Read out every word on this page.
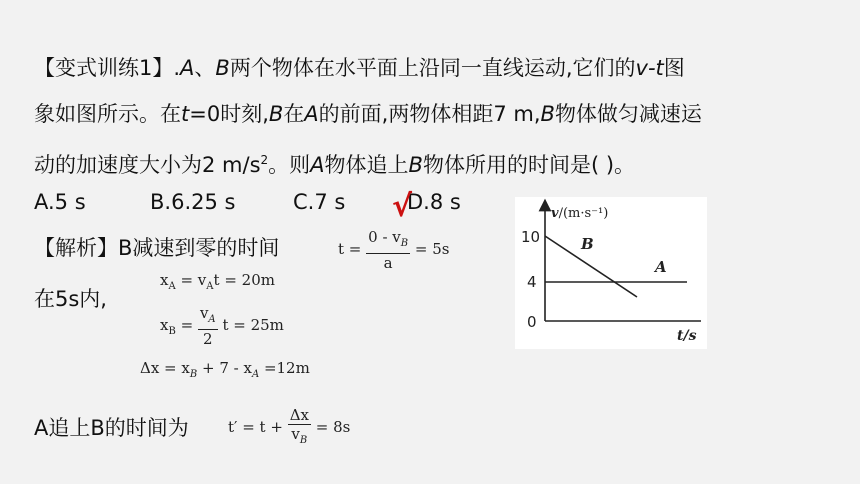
【变式训练1】.A、B两个物体在水平面上沿同一直线运动,它们的v-t图
象如图所示。在t=0时刻,B在A的前面,两物体相距7 m,B物体做匀减速运
动的加速度大小为2 $m/s^2$。则A物体追上B物体所用的时间是( )。
A.5 s	B.6.25 s	C.7 s	D.8 s
√
【解析】B减速到零的时间	$t = \frac{0 - v_B}{a} = 5s$
在5s内,
$x_A = v_At = 20m$
$x_B = \frac{v_A}{2}$ t = 25m
$\Delta x = x_B + 7 - x_A =12m$
A追上B的时间为	$t' = t + \frac{\Delta x}{v_B} = 8s$
v/(m·s⁻¹)
10
4
0
B
A
t/s
